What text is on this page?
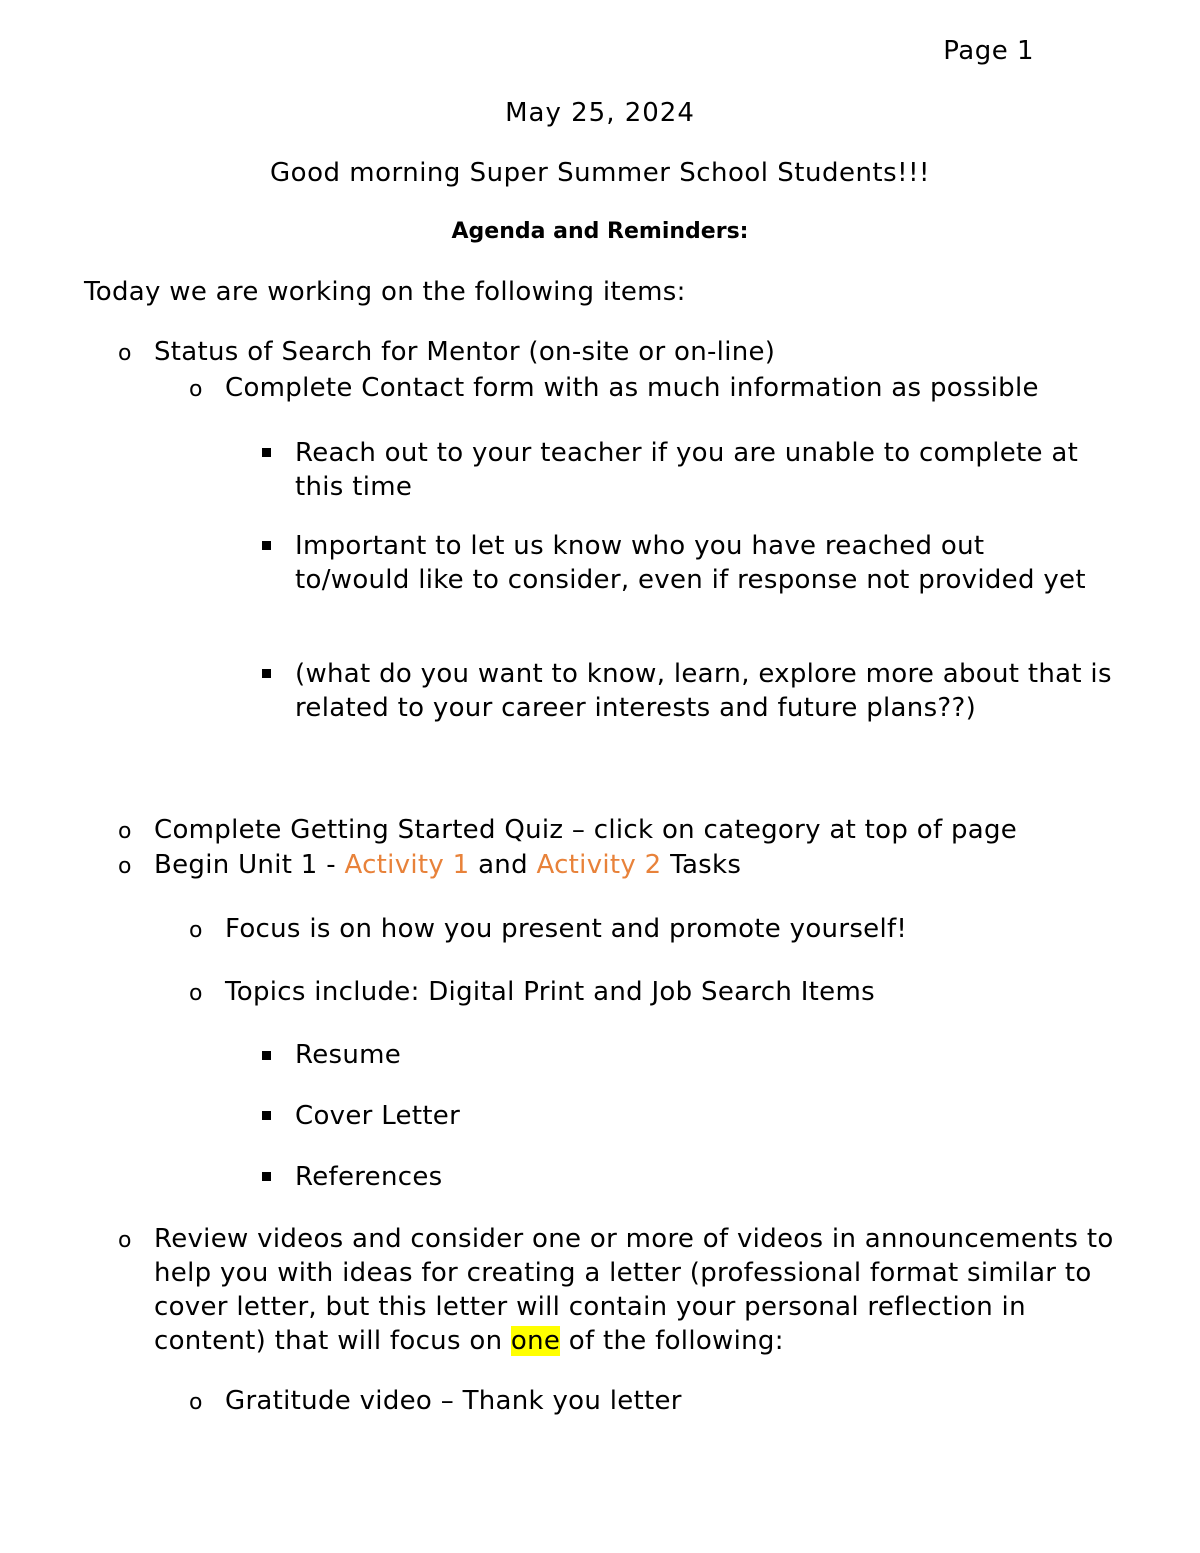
Page 1
May 25, 2024
Good morning Super Summer School Students!!!
Agenda and Reminders:
Today we are working on the following items:
o Status of Search for Mentor (on-site or on-line)
o Complete Contact form with as much information as possible
Reach out to your teacher if you are unable to complete at this time
Important to let us know who you have reached out to/would like to consider, even if response not provided yet
(what do you want to know, learn, explore more about that is related to your career interests and future plans??)
o Complete Getting Started Quiz – click on category at top of page
o Begin Unit 1 - Activity 1 and Activity 2 Tasks
o Focus is on how you present and promote yourself!
o Topics include: Digital Print and Job Search Items
Resume
Cover Letter
References
o Review videos and consider one or more of videos in announcements to help you with ideas for creating a letter (professional format similar to cover letter, but this letter will contain your personal reflection in content) that will focus on one of the following:
o Gratitude video – Thank you letter
